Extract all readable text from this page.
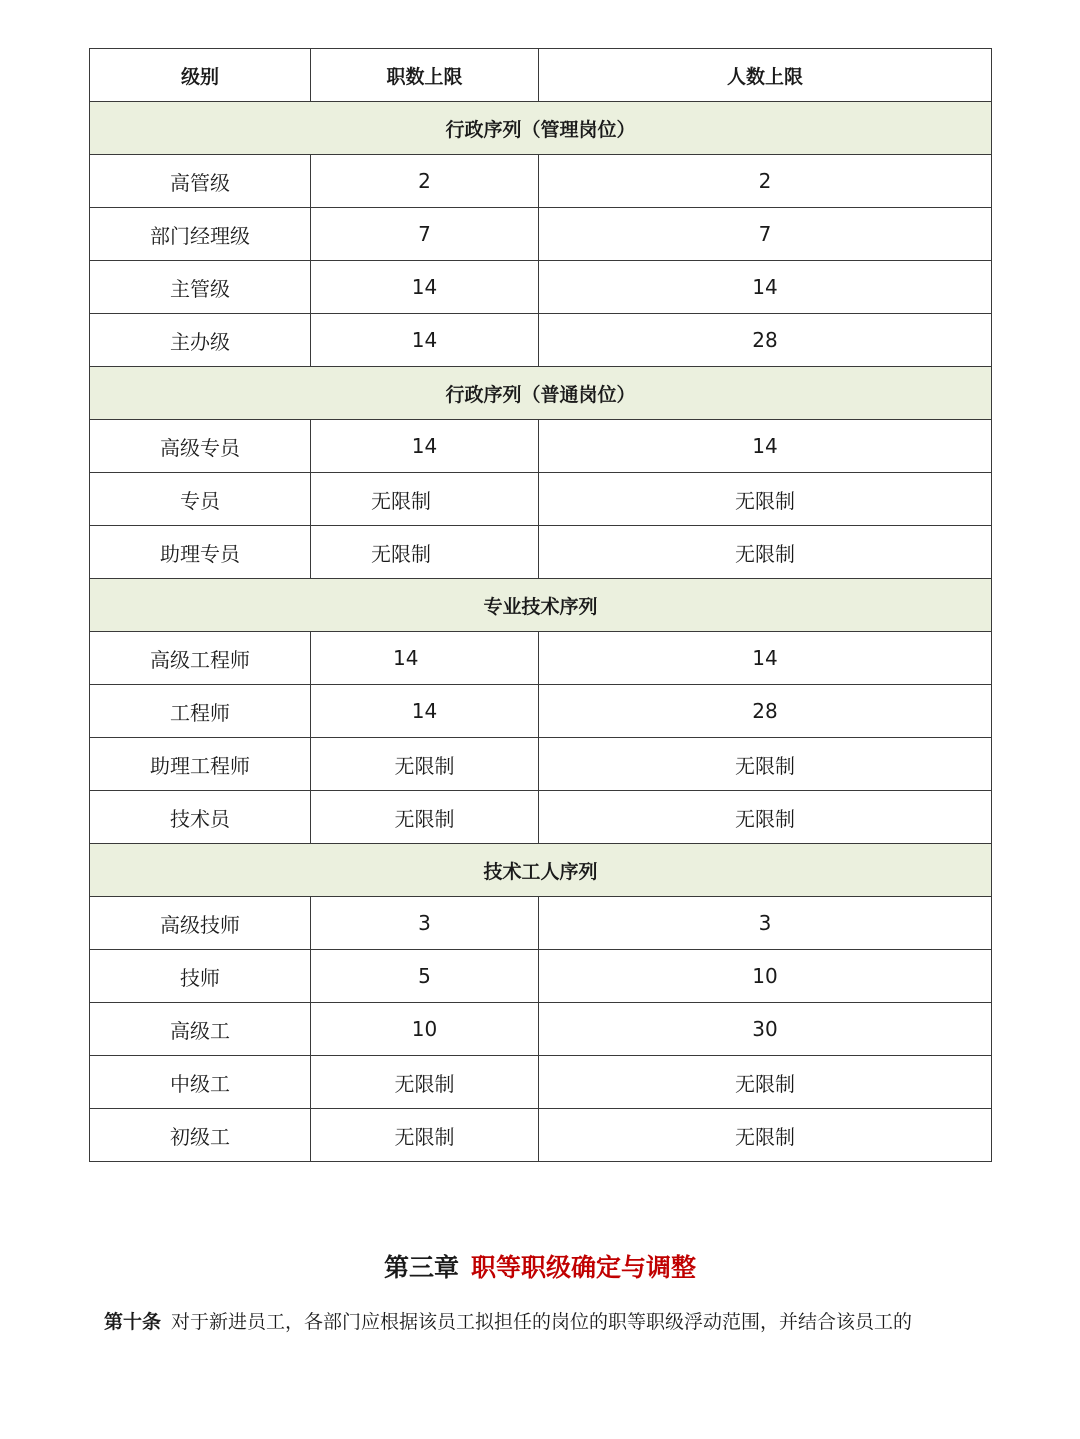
级别	职数上限	人数上限
行政序列（管理岗位）		
高管级	2	2
部门经理级	7	7
主管级	14	14
主办级	14	28
行政序列（普通岗位）		
高级专员	14	14
专员	无限制	无限制
助理专员	无限制	无限制
专业技术序列		
高级工程师	14	14
工程师	14	28
助理工程师	无限制	无限制
技术员	无限制	无限制
技术工人序列		
高级技师	3	3
技师	5	10
高级工	10	30
中级工	无限制	无限制
初级工	无限制	无限制
第三章 职等职级确定与调整
第十条 对于新进员工，各部门应根据该员工拟担任的岗位的职等职级浮动范围，并结合该员工的
